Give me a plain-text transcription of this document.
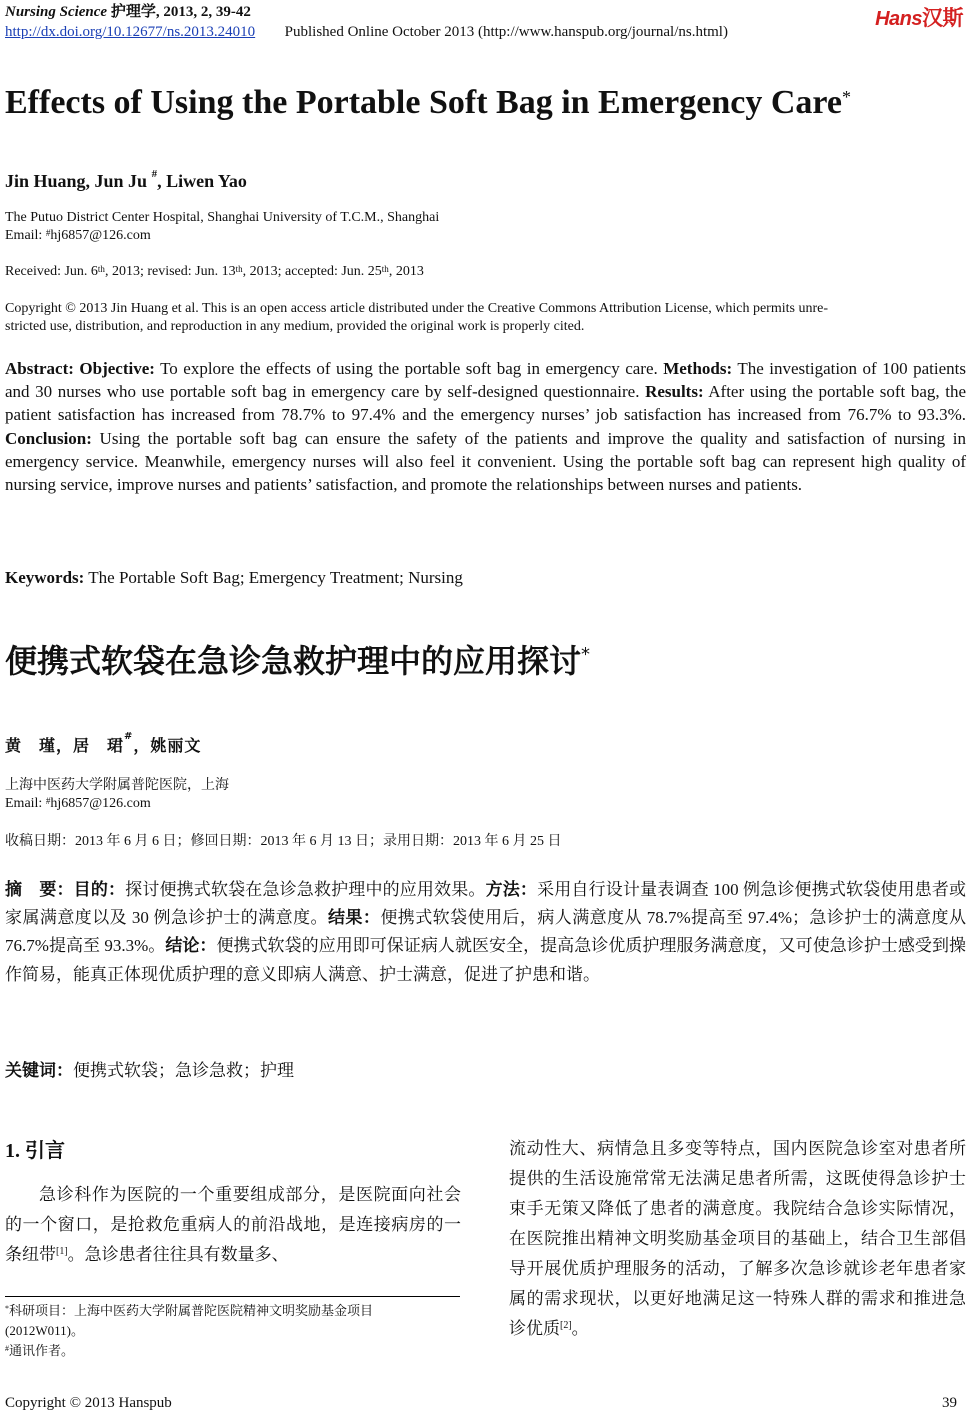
Nursing Science 护理学, 2013, 2, 39-42
http://dx.doi.org/10.12677/ns.2013.24010 Published Online October 2013 (http://www.hanspub.org/journal/ns.html)
Hans汉斯
Effects of Using the Portable Soft Bag in Emergency Care*
Jin Huang, Jun Ju #, Liwen Yao
The Putuo District Center Hospital, Shanghai University of T.C.M., Shanghai
Email: #hj6857@126.com
Received: Jun. 6th, 2013; revised: Jun. 13th, 2013; accepted: Jun. 25th, 2013
Copyright © 2013 Jin Huang et al. This is an open access article distributed under the Creative Commons Attribution License, which permits unre-
stricted use, distribution, and reproduction in any medium, provided the original work is properly cited.
Abstract: Objective: To explore the effects of using the portable soft bag in emergency care. Methods: The investigation of 100 patients and 30 nurses who use portable soft bag in emergency care by self-designed questionnaire. Results: After using the portable soft bag, the patient satisfaction has increased from 78.7% to 97.4% and the emergency nurses’ job satisfaction has increased from 76.7% to 93.3%. Conclusion: Using the portable soft bag can ensure the safety of the patients and improve the quality and satisfaction of nursing in emergency service. Meanwhile, emergency nurses will also feel it convenient. Using the portable soft bag can represent high quality of nursing service, improve nurses and patients’ satisfaction, and promote the relationships between nurses and patients.
Keywords: The Portable Soft Bag; Emergency Treatment; Nursing
便携式软袋在急诊急救护理中的应用探讨*
黄　瑾，居　珺#，姚丽文
上海中医药大学附属普陀医院，上海
Email: #hj6857@126.com
收稿日期：2013 年 6 月 6 日；修回日期：2013 年 6 月 13 日；录用日期：2013 年 6 月 25 日
摘　要：目的：探讨便携式软袋在急诊急救护理中的应用效果。方法：采用自行设计量表调查 100 例急诊便携式软袋使用患者或家属满意度以及 30 例急诊护士的满意度。结果：便携式软袋使用后，病人满意度从 78.7%提高至 97.4%；急诊护士的满意度从 76.7%提高至 93.3%。结论：便携式软袋的应用即可保证病人就医安全，提高急诊优质护理服务满意度，又可使急诊护士感受到操作简易，能真正体现优质护理的意义即病人满意、护士满意，促进了护患和谐。
关键词：便携式软袋；急诊急救；护理
1. 引言
急诊科作为医院的一个重要组成部分，是医院面向社会的一个窗口，是抢救危重病人的前沿战地，是连接病房的一条纽带[1]。急诊患者往往具有数量多、
流动性大、病情急且多变等特点，国内医院急诊室对患者所提供的生活设施常常无法满足患者所需，这既使得急诊护士束手无策又降低了患者的满意度。我院结合急诊实际情况，在医院推出精神文明奖励基金项目的基础上，结合卫生部倡导开展优质护理服务的活动，了解多次急诊就诊老年患者家属的需求现状，以更好地满足这一特殊人群的需求和推进急诊优质[2]。
*科研项目：上海中医药大学附属普陀医院精神文明奖励基金项目
(2012W011)。
#通讯作者。
Copyright © 2013 Hanspub	39
